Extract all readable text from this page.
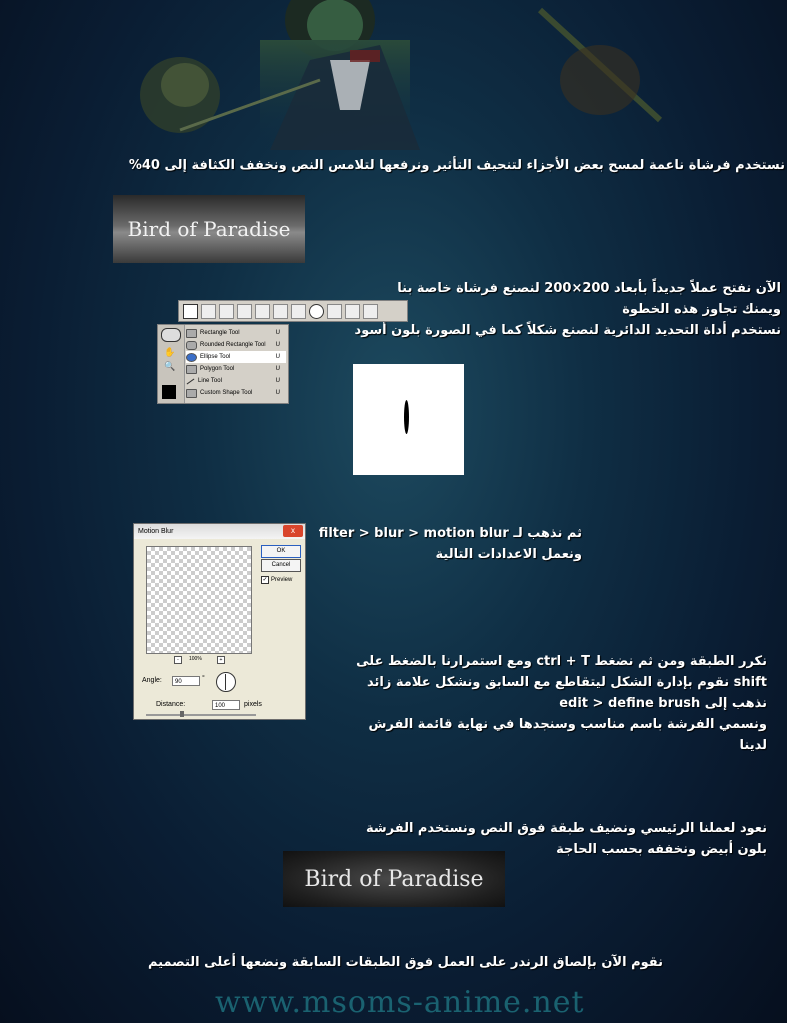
نستخدم فرشاة ناعمة لمسح بعض الأجزاء لتنحيف التأثير ونرفعها لتلامس النص ونخفف الكثافة إلى 40%
Bird of Paradise
الآن نفتح عملاً جديداً بأبعاد 200×200 لنصنع فرشاة خاصة بنا
ويمنك تجاوز هذه الخطوة
نستخدم أداة التحديد الدائرية لنصنع شكلاً كما في الصورة بلون أسود
✋
🔍
Rectangle Tool	U
Rounded Rectangle Tool U
Ellipse Tool	U
Polygon Tool	U
Line Tool	U
Custom Shape Tool	U
ثم نذهب لـ filter > blur > motion blur
ونعمل الاعدادات التالية
Motion Blur	x
OK
Cancel
✓ Preview
-	100%	+
Angle:	90	°
Distance:	100	pixels
نكرر الطبقة ومن ثم نضغط ctrl + T ومع استمرارنا بالضغط على
shift نقوم بإدارة الشكل ليتقاطع مع السابق ونشكل علامة زائد
نذهب إلى edit > define brush
ونسمي الفرشة باسم مناسب وسنجدها في نهاية قائمة الفرش
لدينا
نعود لعملنا الرئيسي ونضيف طبقة فوق النص ونستخدم الفرشة
بلون أبيض ونخففه بحسب الحاجة
Bird of Paradise
نقوم الآن بإلصاق الرندر على العمل فوق الطبقات السابقة ونضعها أعلى التصميم
www.msoms-anime.net
